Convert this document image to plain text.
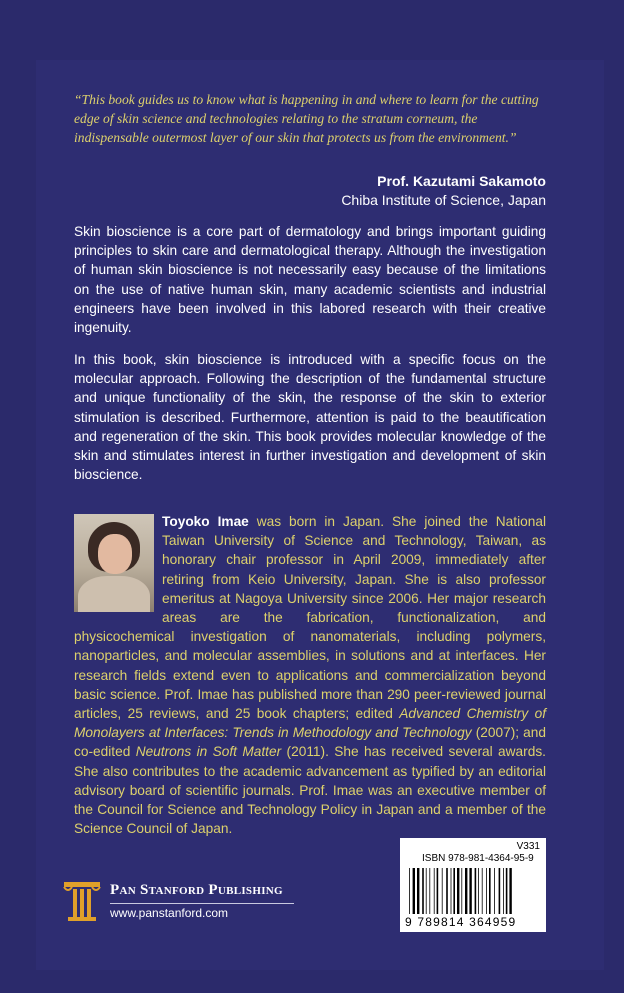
“This book guides us to know what is happening in and where to learn for the cutting edge of skin science and technologies relating to the stratum corneum, the indispensable outermost layer of our skin that protects us from the environment.”

Prof. Kazutami Sakamoto
Chiba Institute of Science, Japan

Skin bioscience is a core part of dermatology and brings important guiding principles to skin care and dermatological therapy. Although the investigation of human skin bioscience is not necessarily easy because of the limitations on the use of native human skin, many academic scientists and industrial engineers have been involved in this labored research with their creative ingenuity.

In this book, skin bioscience is introduced with a specific focus on the molecular approach. Following the description of the fundamental structure and unique functionality of the skin, the response of the skin to exterior stimulation is described. Furthermore, attention is paid to the beautification and regeneration of the skin. This book provides molecular knowledge of the skin and stimulates interest in further investigation and development of skin bioscience.

Toyoko Imae was born in Japan. She joined the National Taiwan University of Science and Technology, Taiwan, as honorary chair professor in April 2009, immediately after retiring from Keio University, Japan. She is also professor emeritus at Nagoya University since 2006. Her major research areas are the fabrication, functionalization, and physicochemical investigation of nanomaterials, including polymers, nanoparticles, and molecular assemblies, in solutions and at interfaces. Her research fields extend even to applications and commercialization beyond basic science. Prof. Imae has published more than 290 peer-reviewed journal articles, 25 reviews, and 25 book chapters; edited Advanced Chemistry of Monolayers at Interfaces: Trends in Methodology and Technology (2007); and co-edited Neutrons in Soft Matter (2011). She has received several awards. She also contributes to the academic advancement as typified by an editorial advisory board of scientific journals. Prof. Imae was an executive member of the Council for Science and Technology Policy in Japan and a member of the Science Council of Japan.

Pan Stanford Publishing
www.panstanford.com
V331
ISBN 978-981-4364-95-9
9 789814 364959
